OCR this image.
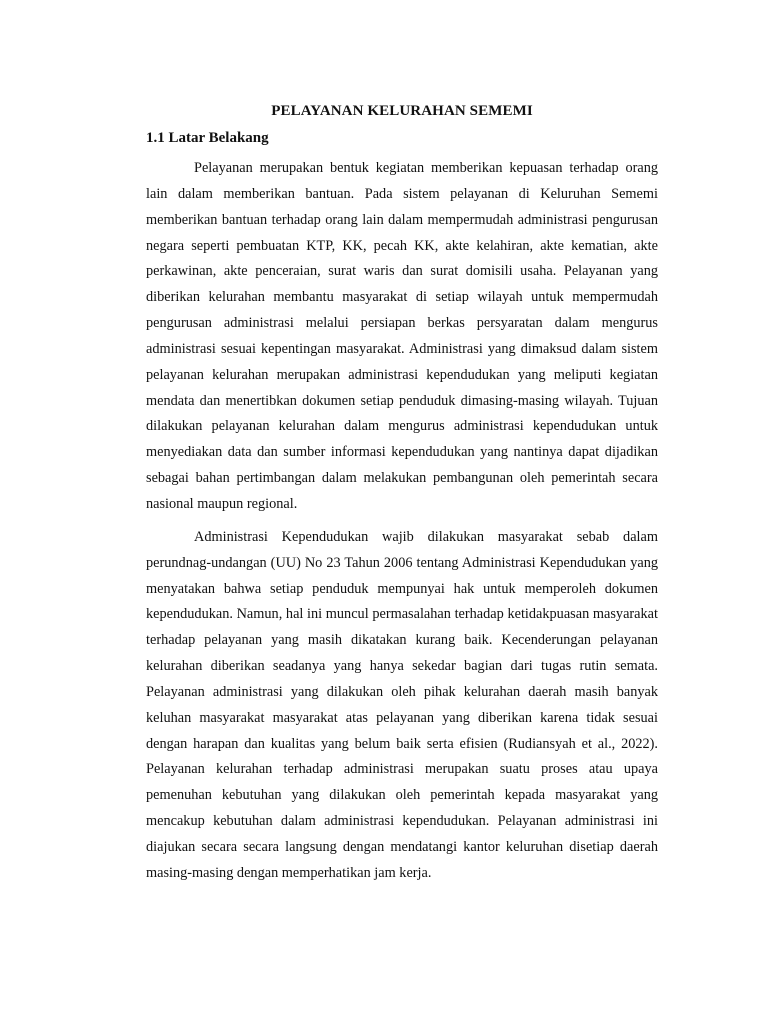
PELAYANAN KELURAHAN SEMEMI
1.1 Latar Belakang

Pelayanan merupakan bentuk kegiatan memberikan kepuasan terhadap orang lain dalam memberikan bantuan. Pada sistem pelayanan di Keluruhan Sememi memberikan bantuan terhadap orang lain dalam mempermudah administrasi pengurusan negara seperti pembuatan KTP, KK, pecah KK, akte kelahiran, akte kematian, akte perkawinan, akte penceraian, surat waris dan surat domisili usaha. Pelayanan yang diberikan kelurahan membantu masyarakat di setiap wilayah untuk mempermudah pengurusan administrasi melalui persiapan berkas persyaratan dalam mengurus administrasi sesuai kepentingan masyarakat. Administrasi yang dimaksud dalam sistem pelayanan kelurahan merupakan administrasi kependudukan yang meliputi kegiatan mendata dan menertibkan dokumen setiap penduduk dimasing-masing wilayah. Tujuan dilakukan pelayanan kelurahan dalam mengurus administrasi kependudukan untuk menyediakan data dan sumber informasi kependudukan yang nantinya dapat dijadikan sebagai bahan pertimbangan dalam melakukan pembangunan oleh pemerintah secara nasional maupun regional.

Administrasi Kependudukan wajib dilakukan masyarakat sebab dalam perundnag-undangan (UU) No 23 Tahun 2006 tentang Administrasi Kependudukan yang menyatakan bahwa setiap penduduk mempunyai hak untuk memperoleh dokumen kependudukan. Namun, hal ini muncul permasalahan terhadap ketidakpuasan masyarakat terhadap pelayanan yang masih dikatakan kurang baik. Kecenderungan pelayanan kelurahan diberikan seadanya yang hanya sekedar bagian dari tugas rutin semata. Pelayanan administrasi yang dilakukan oleh pihak kelurahan daerah masih banyak keluhan masyarakat masyarakat atas pelayanan yang diberikan karena tidak sesuai dengan harapan dan kualitas yang belum baik serta efisien (Rudiansyah et al., 2022). Pelayanan kelurahan terhadap administrasi merupakan suatu proses atau upaya pemenuhan kebutuhan yang dilakukan oleh pemerintah kepada masyarakat yang mencakup kebutuhan dalam administrasi kependudukan. Pelayanan administrasi ini diajukan secara secara langsung dengan mendatangi kantor keluruhan disetiap daerah masing-masing dengan memperhatikan jam kerja.
